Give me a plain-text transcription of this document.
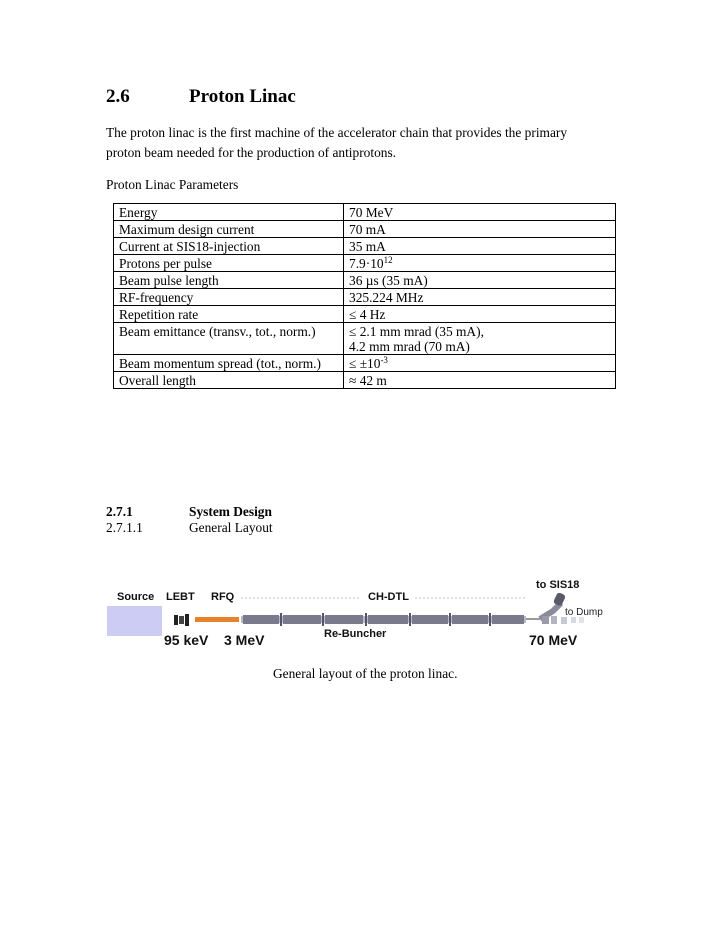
2.6	Proton Linac
The proton linac is the first machine of the accelerator chain that provides the primary
proton beam needed for the production of antiprotons.
Proton Linac Parameters
Energy	70 MeV
Maximum design current	70 mA
Current at SIS18-injection	35 mA
Protons per pulse	$7.9\cdot 10^{12}$
Beam pulse length	36 µs (35 mA)
RF-frequency	325.224 MHz
Repetition rate	≤ 4 Hz
Beam emittance (transv., tot., norm.)	≤ 2.1 mm mrad (35 mA),
4.2 mm mrad (70 mA)

Beam momentum spread (tot., norm.)	≤ $\pm 10^{-3}$
Overall length	≈ 42 m
2.7.1	System Design
2.7.1.1	General Layout
Source LEBT RFQ	CH-DTL
to SIS18
to Dump
Re-Buncher
95 keV 3 MeV	70 MeV
General layout of the proton linac.
